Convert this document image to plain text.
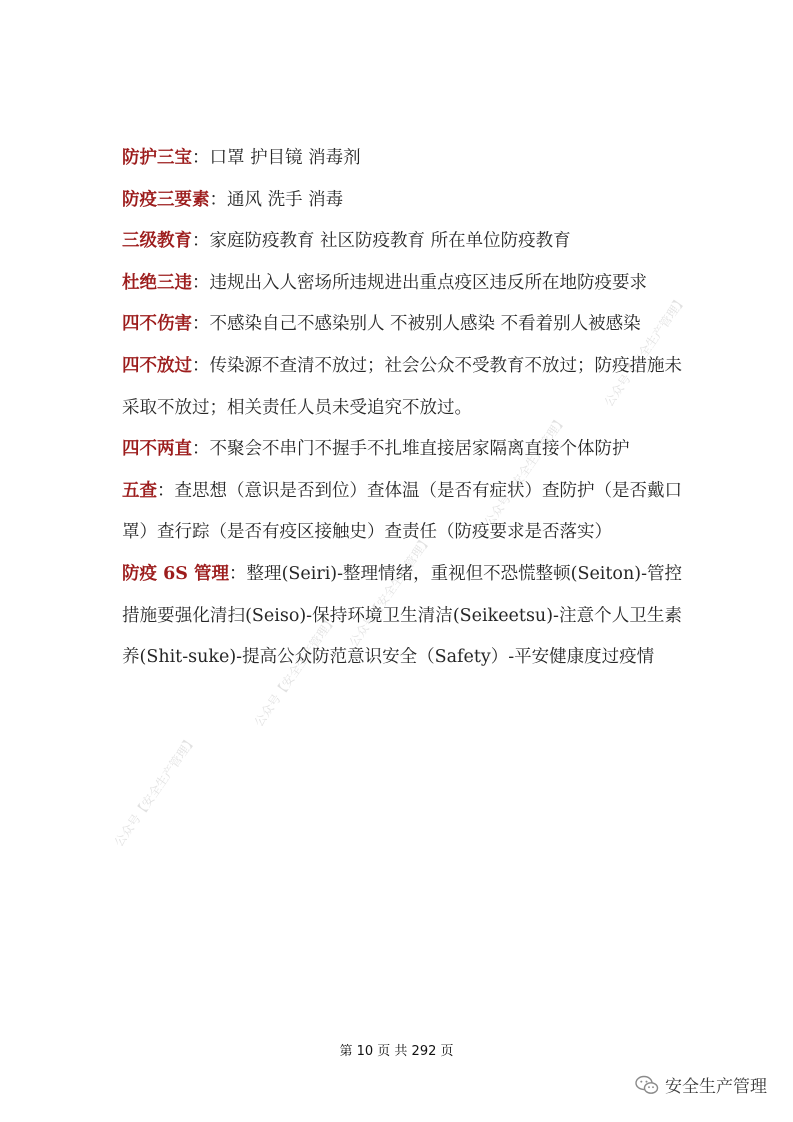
公众号【安全生产管理】
公众号【安全生产管理】
公众号【安全生产管理】
公众号【安全生产管理】
公众号【安全生产管理】

防护三宝：口罩 护目镜 消毒剂

防疫三要素：通风 洗手 消毒

三级教育：家庭防疫教育 社区防疫教育 所在单位防疫教育

杜绝三违：违规出入人密场所违规进出重点疫区违反所在地防疫要求

四不伤害：不感染自己不感染别人 不被别人感染 不看着别人被感染

四不放过：传染源不查清不放过；社会公众不受教育不放过；防疫措施未采取不放过；相关责任人员未受追究不放过。

四不两直：不聚会不串门不握手不扎堆直接居家隔离直接个体防护

五查：查思想（意识是否到位）查体温（是否有症状）查防护（是否戴口罩）查行踪（是否有疫区接触史）查责任（防疫要求是否落实）

防疫 6S 管理：整理(Seiri)-整理情绪，重视但不恐慌整顿(Seiton)-管控措施要强化清扫(Seiso)-保持环境卫生清洁(Seikeetsu)-注意个人卫生素养(Shit-suke)-提高公众防范意识安全（Safety）-平安健康度过疫情

第 10 页 共 292 页
安全生产管理
